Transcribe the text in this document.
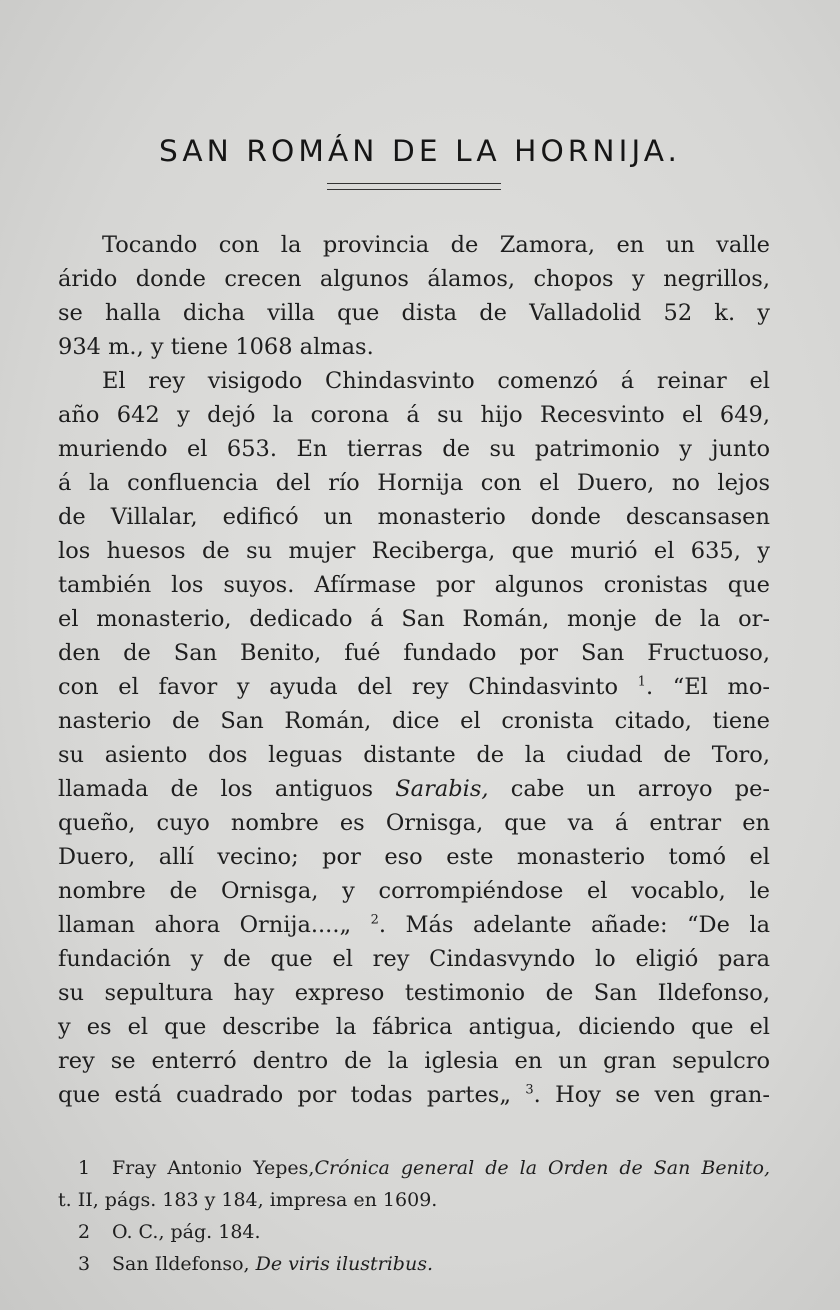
SAN ROMÁN DE LA HORNIJA.
Tocando con la provincia de Zamora, en un valle
árido donde crecen algunos álamos, chopos y negrillos,
se halla dicha villa que dista de Valladolid 52 k. y
934 m., y tiene 1068 almas.
El rey visigodo Chindasvinto comenzó á reinar el
año 642 y dejó la corona á su hijo Recesvinto el 649,
muriendo el 653. En tierras de su patrimonio y junto
á la confluencia del río Hornija con el Duero, no lejos
de Villalar, edificó un monasterio donde descansasen
los huesos de su mujer Reciberga, que murió el 635, y
también los suyos. Afírmase por algunos cronistas que
el monasterio, dedicado á San Román, monje de la or-
den de San Benito, fué fundado por San Fructuoso,
con el favor y ayuda del rey Chindasvinto $^1$. “El mo-
nasterio de San Román, dice el cronista citado, tiene
su asiento dos leguas distante de la ciudad de Toro,
llamada de los antiguos Sarabis, cabe un arroyo pe-
queño, cuyo nombre es Ornisga, que va á entrar en
Duero, allí vecino; por eso este monasterio tomó el
nombre de Ornisga, y corrompiéndose el vocablo, le
llaman ahora Ornija....„ $^2$. Más adelante añade: “De la
fundación y de que el rey Cindasvyndo lo eligió para
su sepultura hay expreso testimonio de San Ildefonso,
y es el que describe la fábrica antigua, diciendo que el
rey se enterró dentro de la iglesia en un gran sepulcro
que está cuadrado por todas partes„ $^3$. Hoy se ven gran-
1 Fray Antonio Yepes,Crónica general de la Orden de San Benito,
t. II, págs. 183 y 184, impresa en 1609.
2 O. C., pág. 184.
3 San Ildefonso, De viris ilustribus.
